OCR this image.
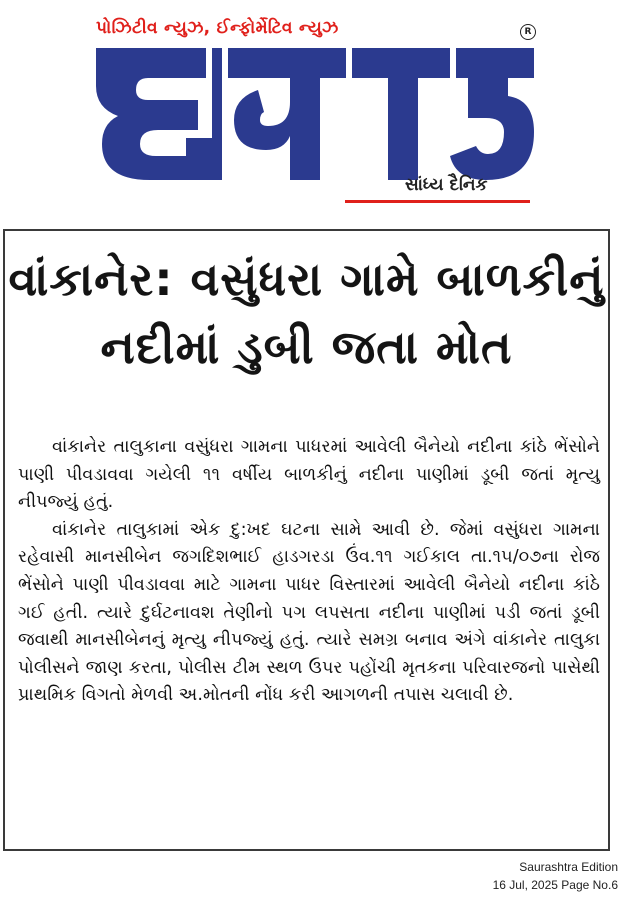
પોઝિટીવ ન્યુઝ, ઈન્ફોર્મેટિવ ન્યુઝ	R
સાંધ્ય દૈનિક
વાંકાનેર: વસુંધરા ગામે બાળકીનું
નદીમાં ડુબી જતા મોત

વાંકાનેર તાલુકાના વસુંધરા ગામના પાધરમાં આવેલી બૈનેયો નદીના કાંઠે ભેંસોને પાણી પીવડાવવા ગયેલી ૧૧ વર્ષીય બાળકીનું નદીના પાણીમાં ડૂબી જતાં મૃત્યુ નીપજ્યું હતું.

વાંકાનેર તાલુકામાં એક દુ:ખદ ઘટના સામે આવી છે. જેમાં વસુંધરા ગામના રહેવાસી માનસીબેન જગદિશભાઈ હાડગરડા ઉંવ.૧૧ ગઈકાલ તા.૧૫/૦૭ના રોજ ભેંસોને પાણી પીવડાવવા માટે ગામના પાધર વિસ્તારમાં આવેલી બૈનેયો નદીના કાંઠે ગઈ હતી. ત્યારે દુર્ઘટનાવશ તેણીનો પગ લપસતા નદીના પાણીમાં પડી જતાં ડૂબી જવાથી માનસીબેનનું મૃત્યુ નીપજ્યું હતું. ત્યારે સમગ્ર બનાવ અંગે વાંકાનેર તાલુકા પોલીસને જાણ કરતા, પોલીસ ટીમ સ્થળ ઉપર પહોંચી મૃતકના પરિવારજનો પાસેથી પ્રાથમિક વિગતો મેળવી અ.મોતની નોંધ કરી આગળની તપાસ ચલાવી છે.

Saurashtra Edition
16 Jul, 2025 Page No.6
